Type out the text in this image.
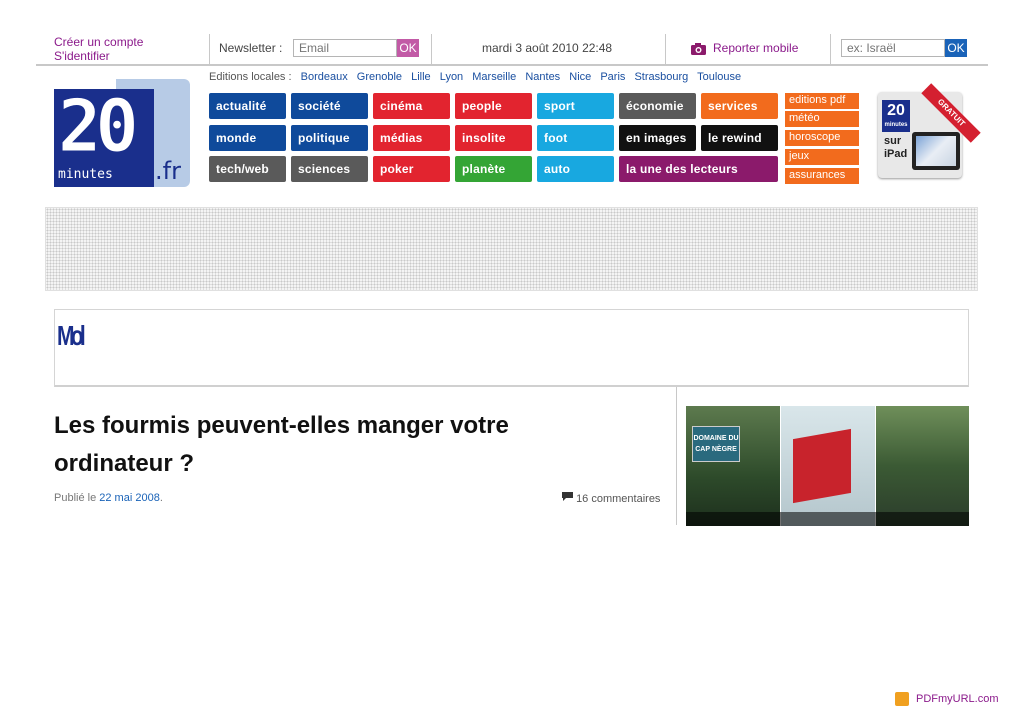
Créer un compte
S'identifier
Newsletter :
Email	OK	mardi 3 août 2010 22:48	Reporter mobile
ex: Israël	OK
Editions locales : Bordeaux Grenoble Lille Lyon Marseille Nantes Nice Paris Strasbourg Toulouse
20
minutes .fr
actualité	société	cinéma	people	sport	économie	services
monde	politique	médias	insolite	foot	en images	le rewind
tech/web	sciences	poker	planète	auto	la une des lecteurs
editions pdf
météo
horoscope
jeux
assurances
GRATUIT
20
minutes
sur
iPad
Mol
Les fourmis peuvent-elles manger votre ordinateur ?
Publié le 22 mai 2008.	16 commentaires
DOMAINE DU
CAP NÈGRE
PDFmyURL.com
